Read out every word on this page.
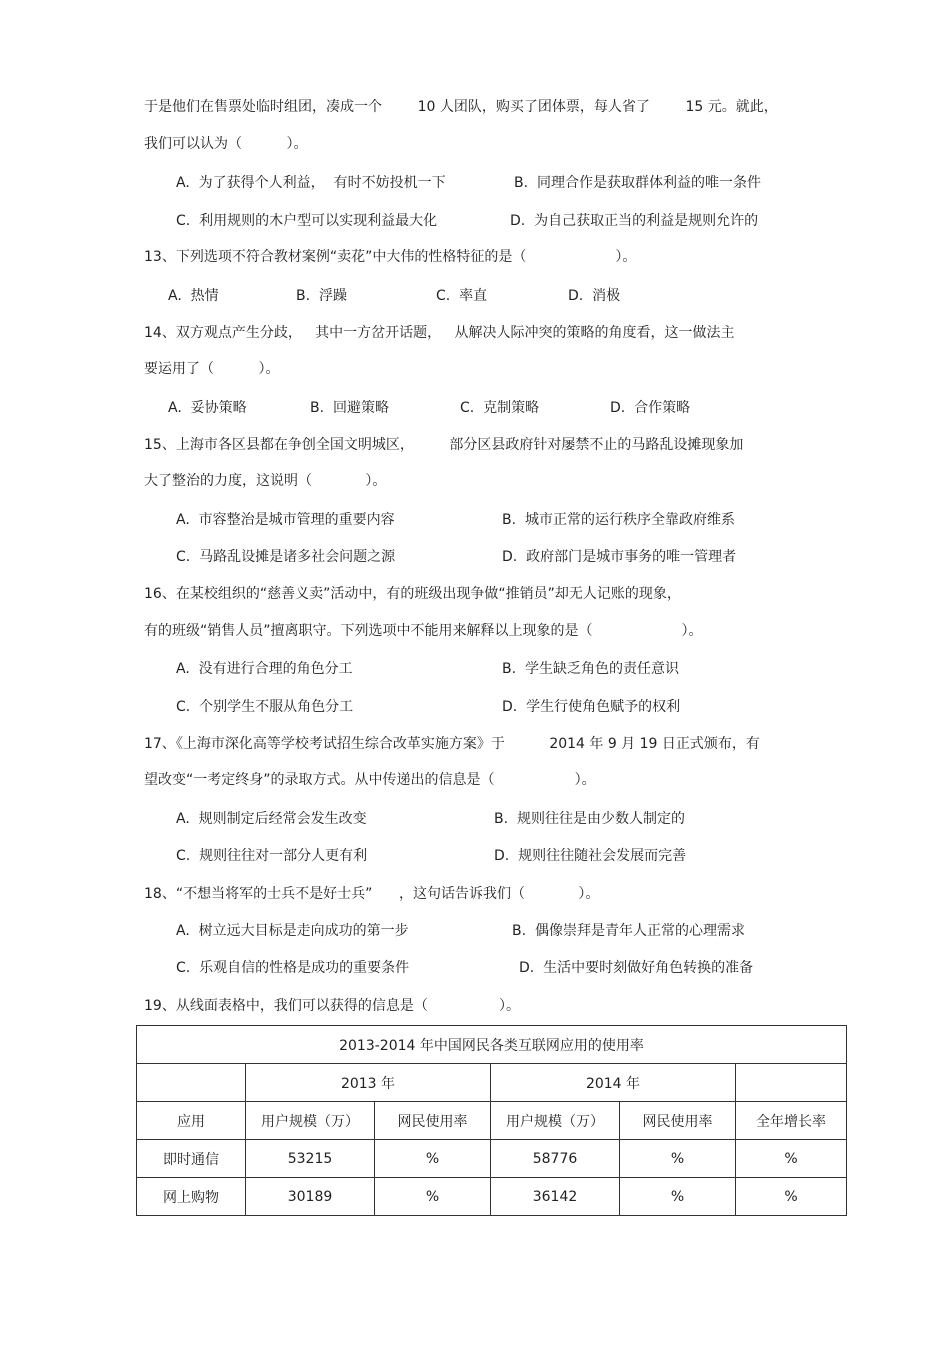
于是他们在售票处临时组团，凑成一个        10 人团队，购买了团体票，每人省了        15 元。就此，
我们可以认为（          ）。
A.  为了获得个人利益，  有时不妨投机一下	B.  同理合作是获取群体利益的唯一条件
C.  利用规则的木户型可以实现利益最大化	D.  为自己获取正当的利益是规则允许的
13、下列选项不符合教材案例“卖花”中大伟的性格特征的是（                    ）。
A.  热情	B.  浮躁	C.  率直	D.  消极
14、双方观点产生分歧，   其中一方岔开话题，   从解决人际冲突的策略的角度看，这一做法主
要运用了（          ）。
A.  妥协策略	B.  回避策略	C.  克制策略	D.  合作策略
15、上海市各区县都在争创全国文明城区，        部分区县政府针对屡禁不止的马路乱设摊现象加
大了整治的力度，这说明（            ）。
A.  市容整治是城市管理的重要内容	B.  城市正常的运行秩序全靠政府维系
C.  马路乱设摊是诸多社会问题之源	D.  政府部门是城市事务的唯一管理者
16、在某校组织的“慈善义卖”活动中，有的班级出现争做“推销员”却无人记账的现象，
有的班级“销售人员”擅离职守。下列选项中不能用来解释以上现象的是（                    ）。
A.  没有进行合理的角色分工	B.  学生缺乏角色的责任意识
C.  个别学生不服从角色分工	D.  学生行使角色赋予的权利
17、《上海市深化高等学校考试招生综合改革实施方案》于          2014 年 9 月 19 日正式颁布，有
望改变“一考定终身”的录取方式。从中传递出的信息是（                  ）。
A.  规则制定后经常会发生改变	B.  规则往往是由少数人制定的
C.  规则往往对一部分人更有利	D.  规则往往随社会发展而完善
18、“不想当将军的士兵不是好士兵”      ，这句话告诉我们（            ）。
A.  树立远大目标是走向成功的第一步	B.  偶像崇拜是青年人正常的心理需求
C.  乐观自信的性格是成功的重要条件	D.  生活中要时刻做好角色转换的准备
19、从线面表格中，我们可以获得的信息是（                ）。
2013-2014 年中国网民各类互联网应用的使用率					
	2013 年		2014 年		
应用	用户规模（万）	网民使用率	用户规模（万）	网民使用率	全年增长率
即时通信	53215	%	58776	%	%
网上购物	30189	%	36142	%	%
